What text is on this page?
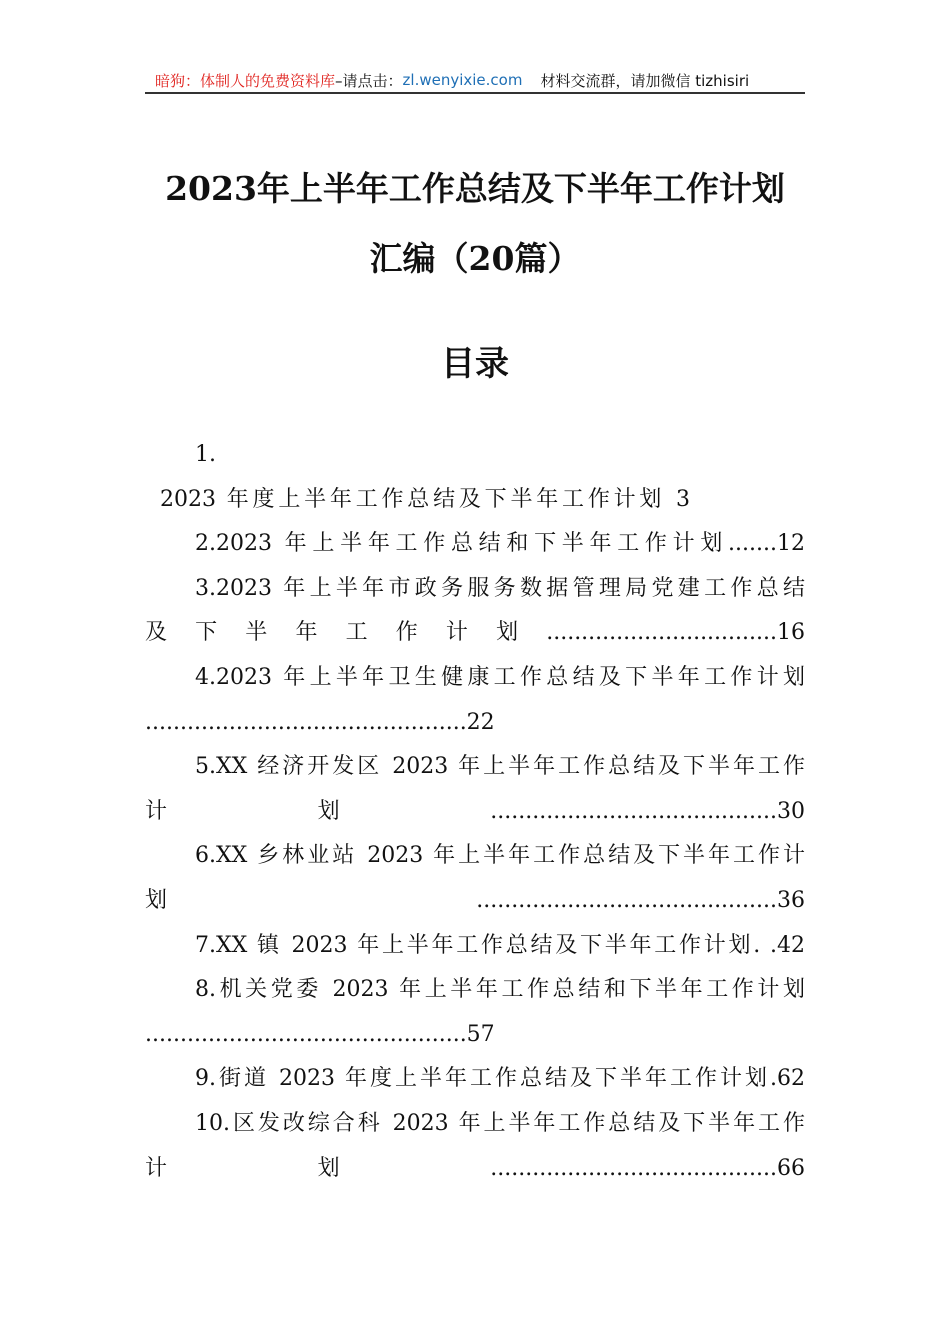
暗狗：体制人的免费资料库 –请点击： zl.wenyixie.com 材料交流群，请加微信 tizhisiri
2023年上半年工作总结及下半年工作计划
汇编（20篇）
目录
1.
2023 年度上半年工作总结及下半年工作计划 3
2.2023 年上半年工作总结和下半年工作计划.......12
3.2023 年上半年市政务服务数据管理局党建工作总结
及下半年工作计划.................................16
4.2023 年上半年卫生健康工作总结及下半年工作计划
..............................................22
5.XX 经济开发区 2023 年上半年工作总结及下半年工作
计划.........................................30
6.XX 乡林业站 2023 年上半年工作总结及下半年工作计
划...........................................36
7.XX 镇 2023 年上半年工作总结及下半年工作计划. .42
8.机关党委 2023 年上半年工作总结和下半年工作计划
..............................................57
9.街道 2023 年度上半年工作总结及下半年工作计划.62
10.区发改综合科 2023 年上半年工作总结及下半年工作
计划.........................................66
